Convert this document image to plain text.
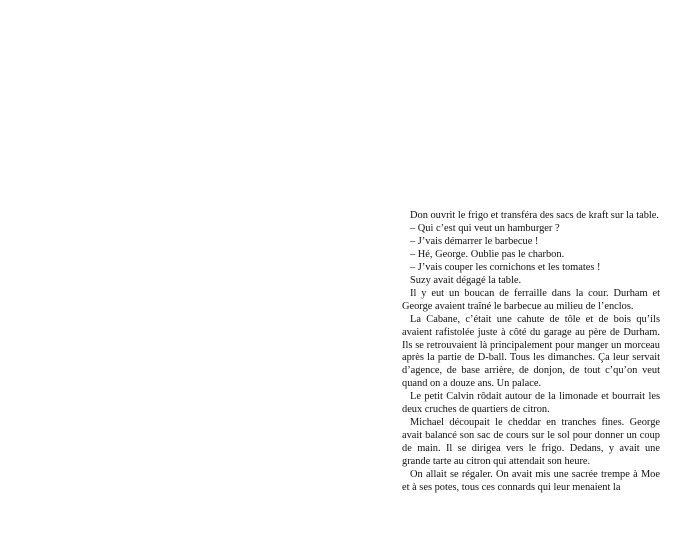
Don ouvrit le frigo et transféra des sacs de kraft sur la table.

– Qui c’est qui veut un hamburger ?

– J’vais démarrer le barbecue !

– Hé, George. Oublie pas le charbon.

– J’vais couper les cornichons et les tomates !

Suzy avait dégagé la table.

Il y eut un boucan de ferraille dans la cour. Durham et George avaient traîné le barbecue au milieu de l’enclos.

La Cabane, c’était une cahute de tôle et de bois qu’ils avaient rafistolée juste à côté du garage au père de Durham. Ils se retrouvaient là principalement pour manger un morceau après la partie de D-ball. Tous les dimanches. Ça leur servait d’agence, de base arrière, de donjon, de tout c’qu’on veut quand on a douze ans. Un palace.

Le petit Calvin rôdait autour de la limonade et bourrait les deux cruches de quartiers de citron.

Michael découpait le cheddar en tranches fines. George avait balancé son sac de cours sur le sol pour donner un coup de main. Il se dirigea vers le frigo. Dedans, y avait une grande tarte au citron qui attendait son heure.

On allait se régaler. On avait mis une sacrée trempe à Moe et à ses potes, tous ces connards qui leur menaient la
